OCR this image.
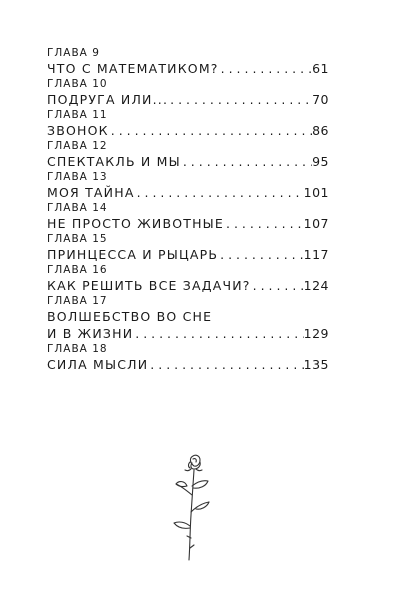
ГЛАВА 9
ЧТО С МАТЕМАТИКОМ? . . .	61
ГЛАВА 10
ПОДРУГА ИЛИ... . . .	70
ГЛАВА 11
ЗВОНОК . . .	86
ГЛАВА 12
СПЕКТАКЛЬ И МЫ . . .	95
ГЛАВА 13
МОЯ ТАЙНА . . .	101
ГЛАВА 14
НЕ ПРОСТО ЖИВОТНЫЕ . . .	107
ГЛАВА 15
ПРИНЦЕССА И РЫЦАРЬ . . .	117
ГЛАВА 16
КАК РЕШИТЬ ВСЕ ЗАДАЧИ? . . .	124
ГЛАВА 17
ВОЛШЕБСТВО ВО СНЕ
И В ЖИЗНИ . . .	129
ГЛАВА 18
СИЛА МЫСЛИ . . .	135
